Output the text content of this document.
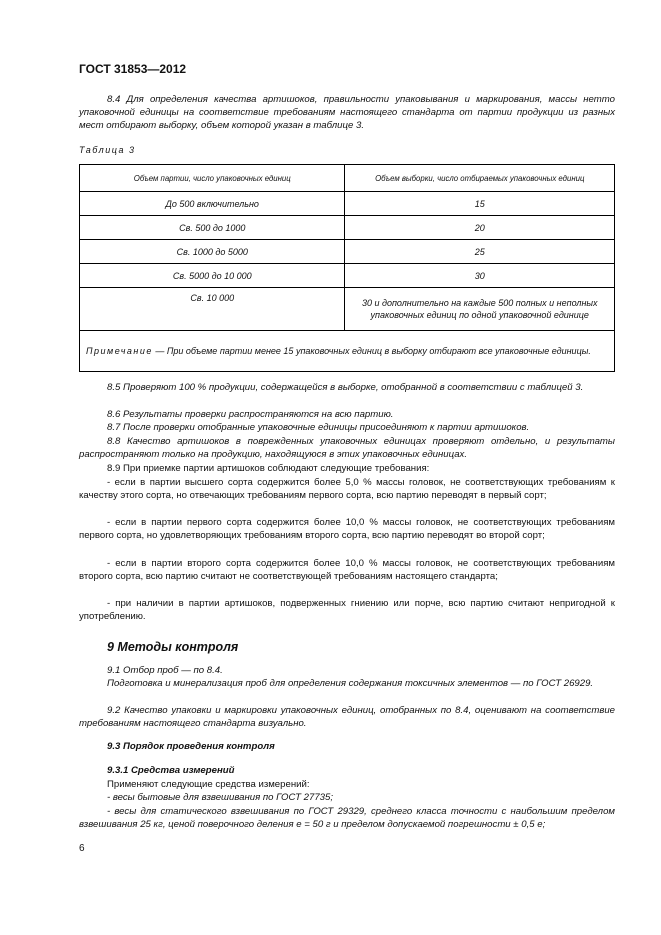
ГОСТ 31853—2012
8.4 Для определения качества артишоков, правильности упаковывания и маркирования, массы нетто упаковочной единицы на соответствие требованиям настоящего стандарта от партии продукции из разных мест отбирают выборку, объем которой указан в таблице 3.
Таблица 3
Объем партии, число упаковочных единиц	Объем выборки, число отбираемых упаковочных единиц
До 500 включительно	15
Св. 500 до 1000	20
Св. 1000 до 5000	25
Св. 5000 до 10 000	30
Св. 10 000	30 и дополнительно на каждые 500 полных и неполных упаковочных единиц по одной упаковочной единице
Примечание — При объеме партии менее 15 упаковочных единиц в выборку отбирают все упаковочные единицы.	
8.5 Проверяют 100 % продукции, содержащейся в выборке, отобранной в соответствии с таблицей 3.
8.6 Результаты проверки распространяются на всю партию.
8.7 После проверки отобранные упаковочные единицы присоединяют к партии артишоков.
8.8 Качество артишоков в поврежденных упаковочных единицах проверяют отдельно, и результаты распространяют только на продукцию, находящуюся в этих упаковочных единицах.
8.9 При приемке партии артишоков соблюдают следующие требования:
- если в партии высшего сорта содержится более 5,0 % массы головок, не соответствующих требованиям к качеству этого сорта, но отвечающих требованиям первого сорта, всю партию переводят в первый сорт;
- если в партии первого сорта содержится более 10,0 % массы головок, не соответствующих требованиям первого сорта, но удовлетворяющих требованиям второго сорта, всю партию переводят во второй сорт;
- если в партии второго сорта содержится более 10,0 % массы головок, не соответствующих требованиям второго сорта, всю партию считают не соответствующей требованиям настоящего стандарта;
- при наличии в партии артишоков, подверженных гниению или порче, всю партию считают непригодной к употреблению.
9 Методы контроля
9.1 Отбор проб — по 8.4.
Подготовка и минерализация проб для определения содержания токсичных элементов — по ГОСТ 26929.
9.2 Качество упаковки и маркировки упаковочных единиц, отобранных по 8.4, оценивают на соответствие требованиям настоящего стандарта визуально.
9.3 Порядок проведения контроля
9.3.1 Средства измерений
Применяют следующие средства измерений:
- весы бытовые для взвешивания по ГОСТ 27735;
- весы для статического взвешивания по ГОСТ 29329, среднего класса точности с наибольшим пределом взвешивания 25 кг, ценой поверочного деления е = 50 г и пределом допускаемой погрешности ± 0,5 е;
6
